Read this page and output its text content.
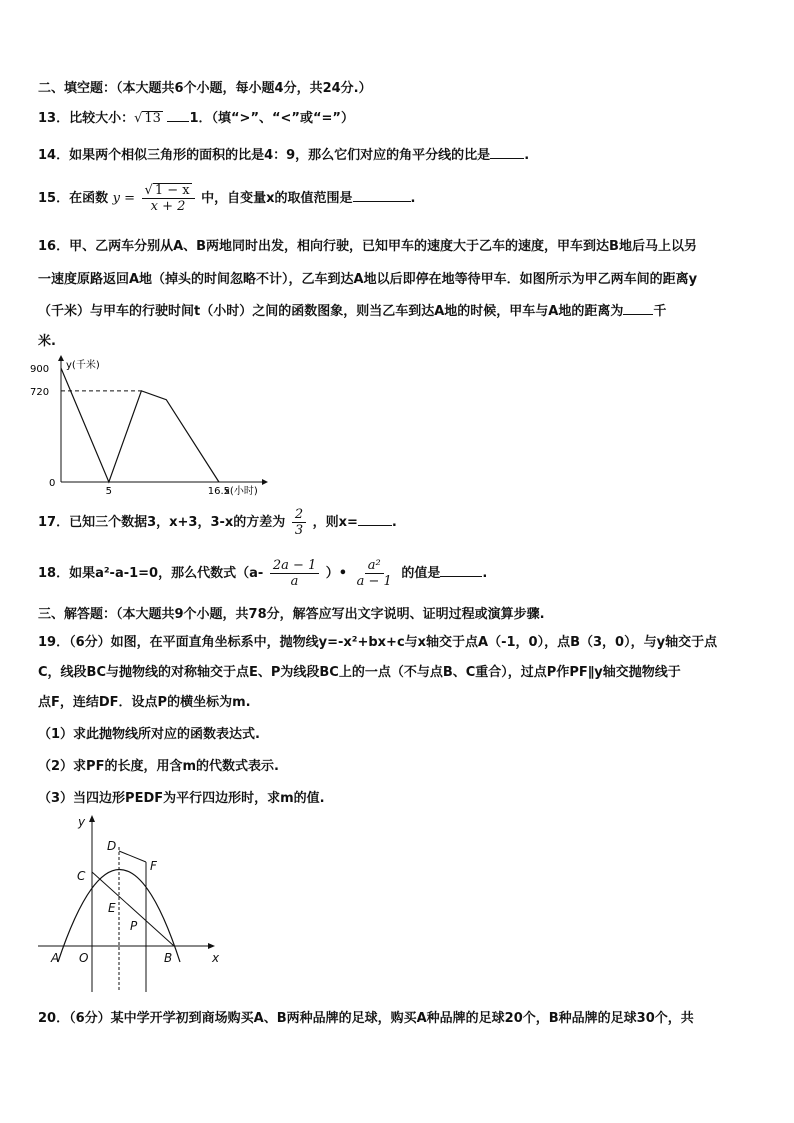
二、填空题：（本大题共6个小题，每小题4分，共24分.）
13．比较大小：√ 13 1．（填“>”、“<”或“=”）
14．如果两个相似三角形的面积的比是4：9，那么它们对应的角平分线的比是	.
15．在函数 $y = \frac{√ 1 - x}{x + 2}$ 中，自变量x的取值范围是	.
16．甲、乙两车分别从A、B两地同时出发，相向行驶，已知甲车的速度大于乙车的速度，甲车到达B地后马上以另
一速度原路返回A地（掉头的时间忽略不计），乙车到达A地以后即停在地等待甲车．如图所示为甲乙两车间的距离y
（千米）与甲车的行驶时间t（小时）之间的函数图象，则当乙车到达A地的时候，甲车与A地的距离为 千
米.
y(千米)
x(小时)
900
720
0
5	16.5
17．已知三个数据3，x+3，3-x的方差为 $\frac{2}{3}$ ，则x=	.
18．如果a²-a-1=0，那么代数式（$a- \frac{2a - 1}{a}$ ）• $\frac{\text{a²}}{a - 1}$ 的值是	.
三、解答题：（本大题共9个小题，共78分，解答应写出文字说明、证明过程或演算步骤.
19．（6分）如图，在平面直角坐标系中，抛物线y=-x²+bx+c与x轴交于点A（-1，0），点B（3，0），与y轴交于点
C，线段BC与抛物线的对称轴交于点E、P为线段BC上的一点（不与点B、C重合），过点P作PF∥y轴交抛物线于
点F，连结DF．设点P的横坐标为m.
（1）求此抛物线所对应的函数表达式.
（2）求PF的长度，用含m的代数式表示.
（3）当四边形PEDF为平行四边形时，求m的值.
y
x
D
F
C
E
P
A O	B
20．（6分）某中学开学初到商场购买A、B两种品牌的足球，购买A种品牌的足球20个，B种品牌的足球30个，共
